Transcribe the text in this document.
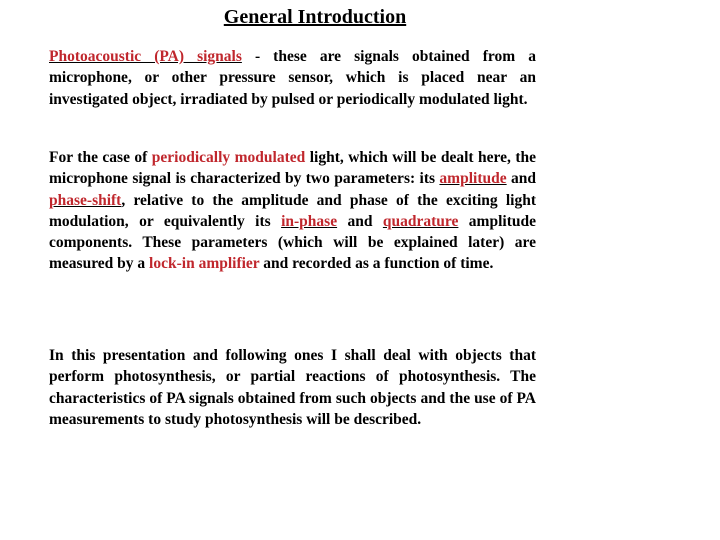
General Introduction

Photoacoustic (PA) signals - these are signals obtained from a microphone, or other pressure sensor, which is placed near an investigated object, irradiated by pulsed or periodically modulated light.

For the case of periodically modulated light, which will be dealt here, the microphone signal is characterized by two parameters: its amplitude and phase-shift, relative to the amplitude and phase of the exciting light modulation, or equivalently its in-phase and quadrature amplitude components. These parameters (which will be explained later) are measured by a lock-in amplifier and recorded as a function of time.

In this presentation and following ones I shall deal with objects that perform photosynthesis, or partial reactions of photosynthesis. The characteristics of PA signals obtained from such objects and the use of PA measurements to study photosynthesis will be described.
